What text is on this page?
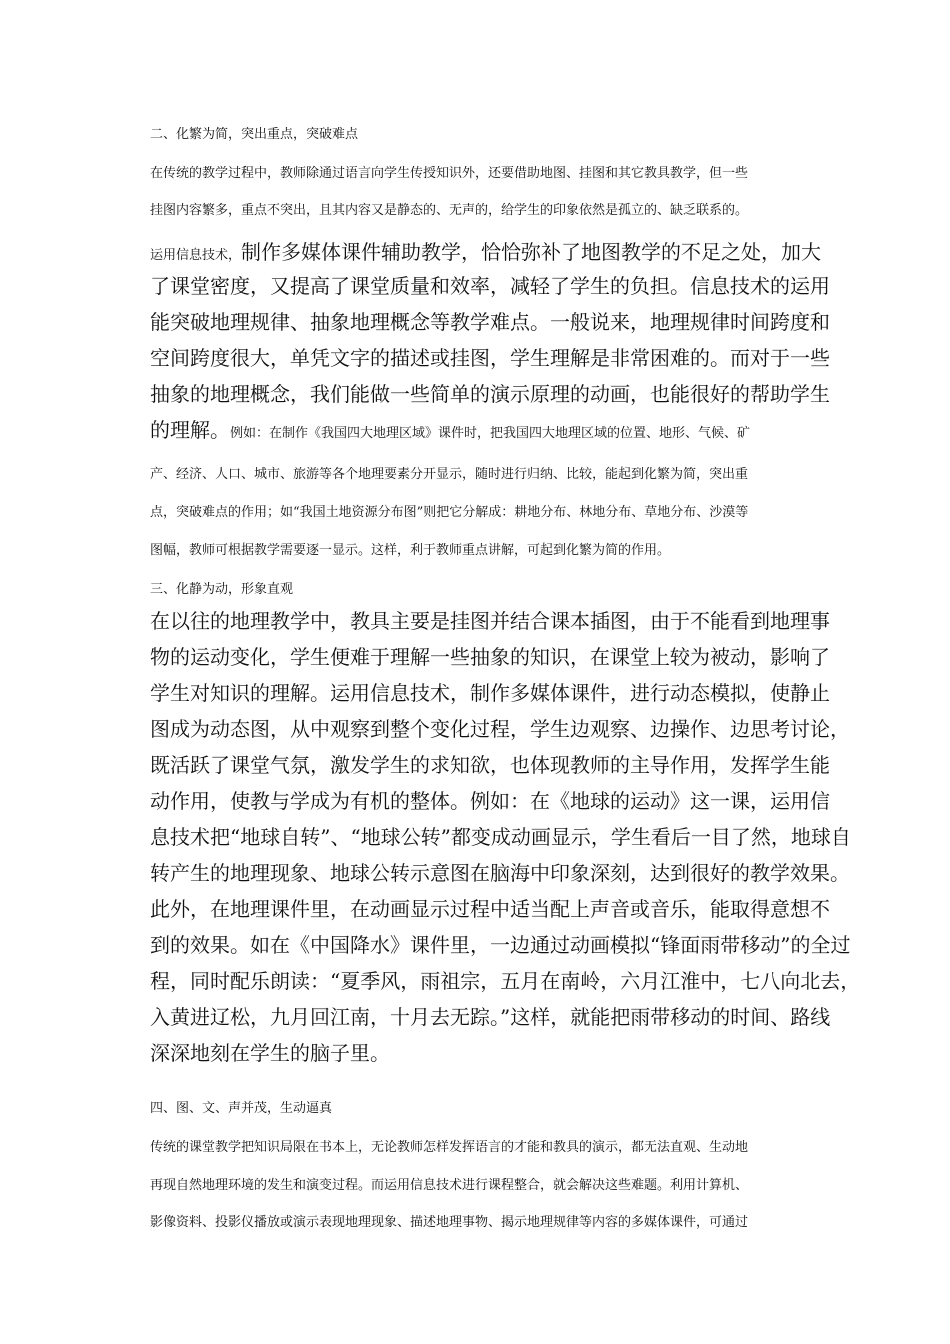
二、化繁为简，突出重点，突破难点

在传统的教学过程中，教师除通过语言向学生传授知识外，还要借助地图、挂图和其它教具教学，但一些

挂图内容繁多，重点不突出，且其内容又是静态的、无声的，给学生的印象依然是孤立的、缺乏联系的。

运用信息技术，制作多媒体课件辅助教学，恰恰弥补了地图教学的不足之处，加大

了课堂密度，又提高了课堂质量和效率，减轻了学生的负担。信息技术的运用

能突破地理规律、抽象地理概念等教学难点。一般说来，地理规律时间跨度和

空间跨度很大，单凭文字的描述或挂图，学生理解是非常困难的。而对于一些

抽象的地理概念，我们能做一些简单的演示原理的动画，也能很好的帮助学生

的理解。例如：在制作《我国四大地理区域》课件时，把我国四大地理区域的位置、地形、气候、矿

产、经济、人口、城市、旅游等各个地理要素分开显示，随时进行归纳、比较，能起到化繁为简，突出重

点，突破难点的作用；如“我国土地资源分布图”则把它分解成：耕地分布、林地分布、草地分布、沙漠等

图幅，教师可根据教学需要逐一显示。这样，利于教师重点讲解，可起到化繁为简的作用。

三、化静为动，形象直观

在以往的地理教学中，教具主要是挂图并结合课本插图，由于不能看到地理事

物的运动变化，学生便难于理解一些抽象的知识，在课堂上较为被动，影响了

学生对知识的理解。运用信息技术，制作多媒体课件，进行动态模拟，使静止

图成为动态图，从中观察到整个变化过程，学生边观察、边操作、边思考讨论，

既活跃了课堂气氛，激发学生的求知欲，也体现教师的主导作用，发挥学生能

动作用，使教与学成为有机的整体。例如：在《地球的运动》这一课，运用信

息技术把“地球自转”、“地球公转”都变成动画显示，学生看后一目了然，地球自

转产生的地理现象、地球公转示意图在脑海中印象深刻，达到很好的教学效果。

此外，在地理课件里，在动画显示过程中适当配上声音或音乐，能取得意想不

到的效果。如在《中国降水》课件里，一边通过动画模拟“锋面雨带移动”的全过

程，同时配乐朗读：“夏季风，雨祖宗，五月在南岭，六月江淮中，七八向北去，

入黄进辽松，九月回江南，十月去无踪。”这样，就能把雨带移动的时间、路线

深深地刻在学生的脑子里。

四、图、文、声并茂，生动逼真

传统的课堂教学把知识局限在书本上，无论教师怎样发挥语言的才能和教具的演示，都无法直观、生动地

再现自然地理环境的发生和演变过程。而运用信息技术进行课程整合，就会解决这些难题。利用计算机、

影像资料、投影仪播放或演示表现地理现象、描述地理事物、揭示地理规律等内容的多媒体课件，可通过
